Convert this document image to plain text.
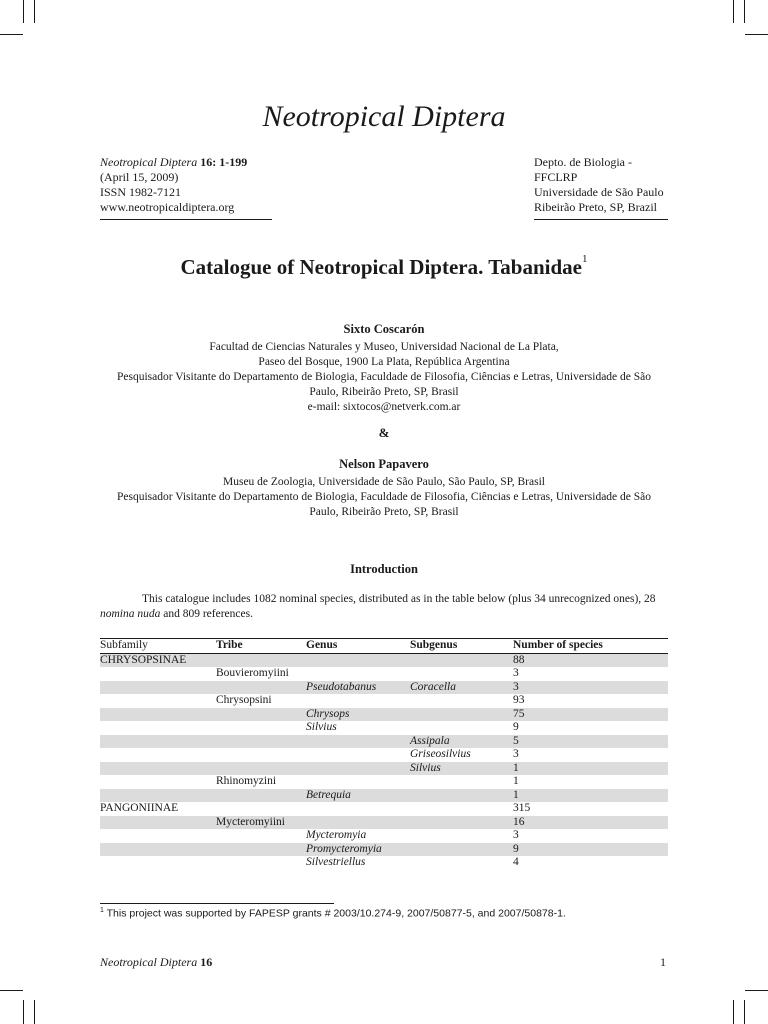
Neotropical Diptera
Neotropical Diptera 16: 1-199 (April 15, 2009)
ISSN 1982-7121
www.neotropicaldiptera.org
Depto. de Biologia - FFCLRP
Universidade de São Paulo
Ribeirão Preto, SP, Brazil
Catalogue of Neotropical Diptera. Tabanidae$^1$
Sixto Coscarón
Facultad de Ciencias Naturales y Museo, Universidad Nacional de La Plata,
Paseo del Bosque, 1900 La Plata, República Argentina
Pesquisador Visitante do Departamento de Biologia, Faculdade de Filosofia, Ciências e Letras, Universidade de São
Paulo, Ribeirão Preto, SP, Brasil
e-mail: sixtocos@netverk.com.ar
&
Nelson Papavero
Museu de Zoologia, Universidade de São Paulo, São Paulo, SP, Brasil
Pesquisador Visitante do Departamento de Biologia, Faculdade de Filosofia, Ciências e Letras, Universidade de São
Paulo, Ribeirão Preto, SP, Brasil
Introduction
This catalogue includes 1082 nominal species, distributed as in the table below (plus 34 unrecognized ones), 28 nomina nuda and 809 references.
Subfamily	Tribe	Genus	Subgenus	Number of species
CHRYSOPSINAE				88
	Bouvieromyiini			3
		Pseudotabanus	Coracella	3
	Chrysopsini			93
		Chrysops		75
		Silvius		9
			Assipala	5
			Griseosilvius	3
			Silvius	1
	Rhinomyzini			1
		Betrequia		1
PANGONIINAE				315
	Mycteromyiini			16
		Mycteromyia		3
		Promycteromyia		9
		Silvestriellus		4
$^1$ This project was supported by FAPESP grants # 2003/10.274-9, 2007/50877-5, and 2007/50878-1.
Neotropical Diptera 16	1
